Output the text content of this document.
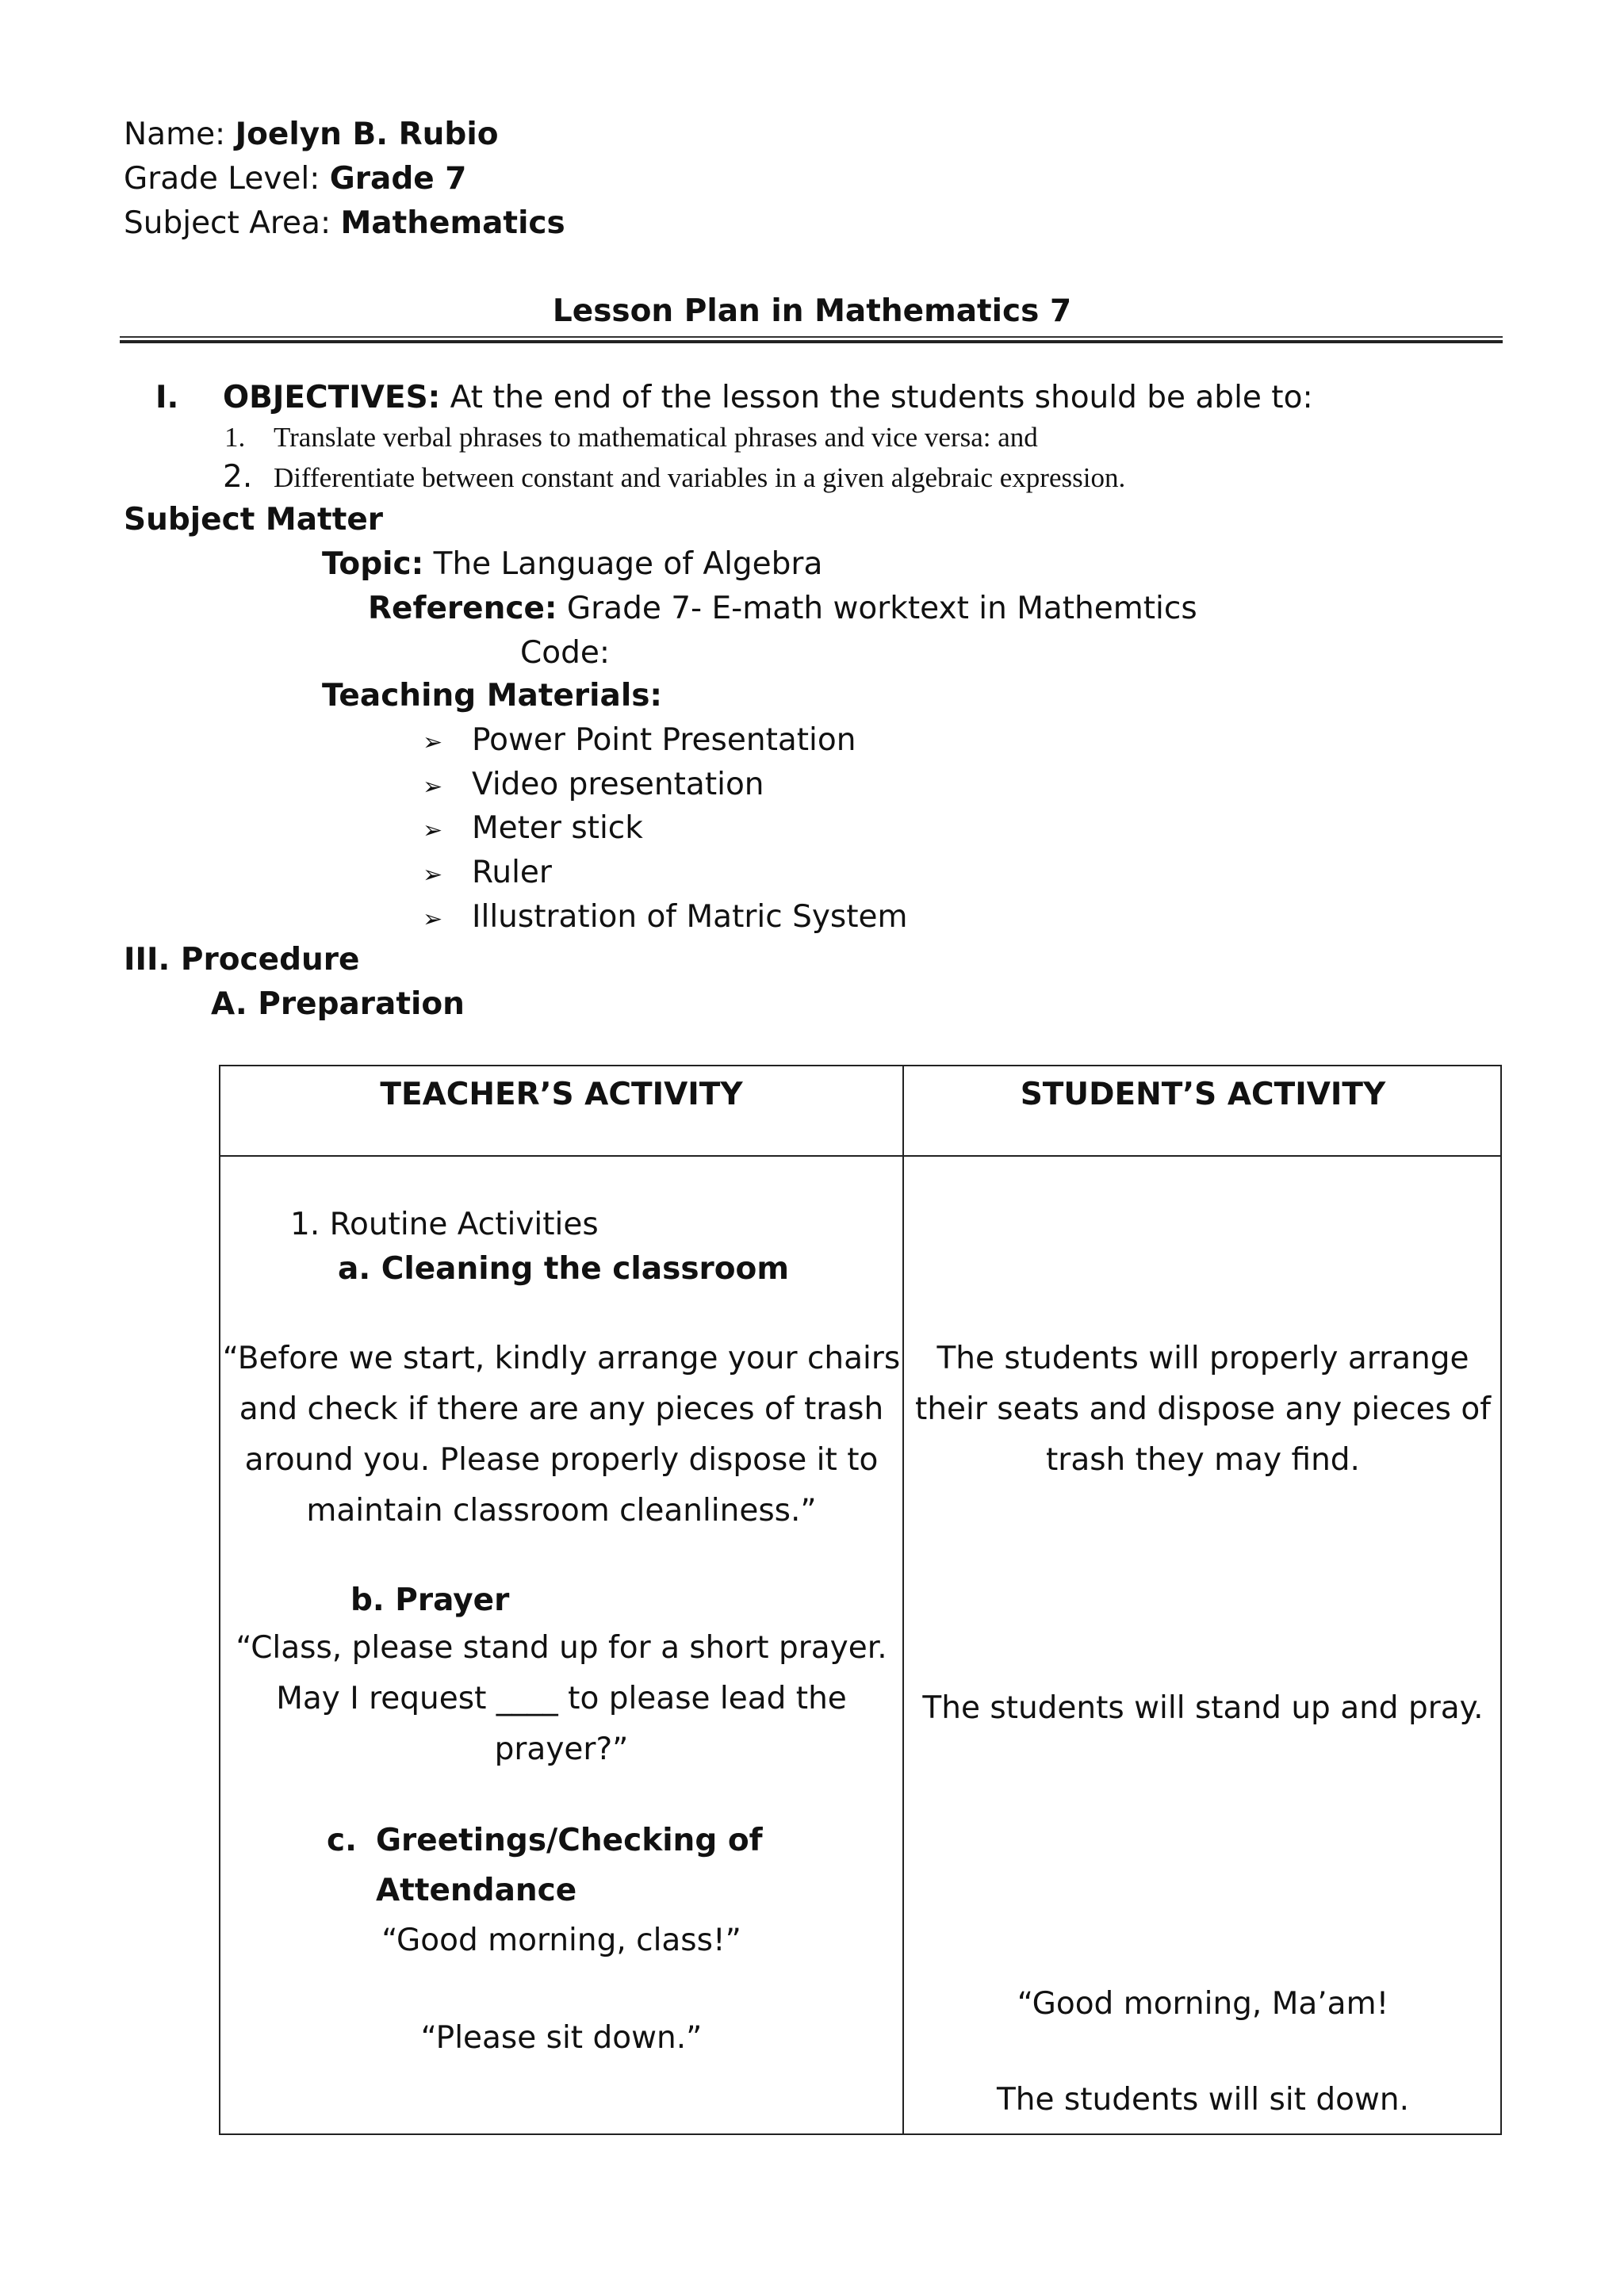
Name: Joelyn B. Rubio
Grade Level: Grade 7
Subject Area: Mathematics
Lesson Plan in Mathematics 7
I. OBJECTIVES: At the end of the lesson the students should be able to:
1. Translate verbal phrases to mathematical phrases and vice versa: and
2. Differentiate between constant and variables in a given algebraic expression.
Subject Matter
Topic: The Language of Algebra
Reference: Grade 7- E-math worktext in Mathemtics
Code:
Teaching Materials:
➢ Power Point Presentation
➢ Video presentation
➢ Meter stick
➢ Ruler
➢ Illustration of Matric System
III. Procedure
A. Preparation
TEACHER’S ACTIVITY	STUDENT’S ACTIVITY
1. Routine Activities
a. Cleaning the classroom
“Before we start, kindly arrange your chairs
and check if there are any pieces of trash
around you. Please properly dispose it to
maintain classroom cleanliness.”
b. Prayer
“Class, please stand up for a short prayer.
May I request ____ to please lead the
prayer?”
c. Greetings/Checking of
Attendance
“Good morning, class!”
“Please sit down.”
The students will properly arrange
their seats and dispose any pieces of
trash they may find.
The students will stand up and pray.
“Good morning, Ma’am!
The students will sit down.
